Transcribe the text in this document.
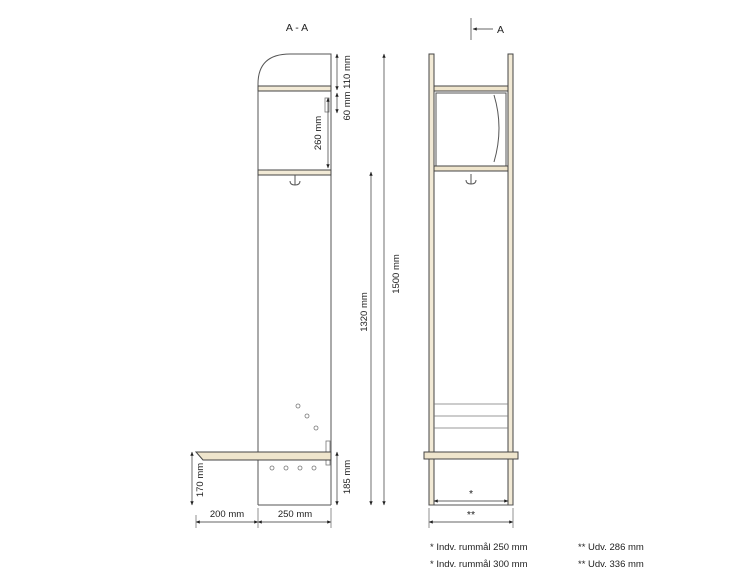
A - A
110 mm
60 mm
260 mm
185 mm
1320 mm
1500 mm
170 mm
200 mm	250 mm
A
*
**
* Indv. rummål 250 mm	** Udv. 286 mm
* Indv. rummål 300 mm	** Udv. 336 mm
